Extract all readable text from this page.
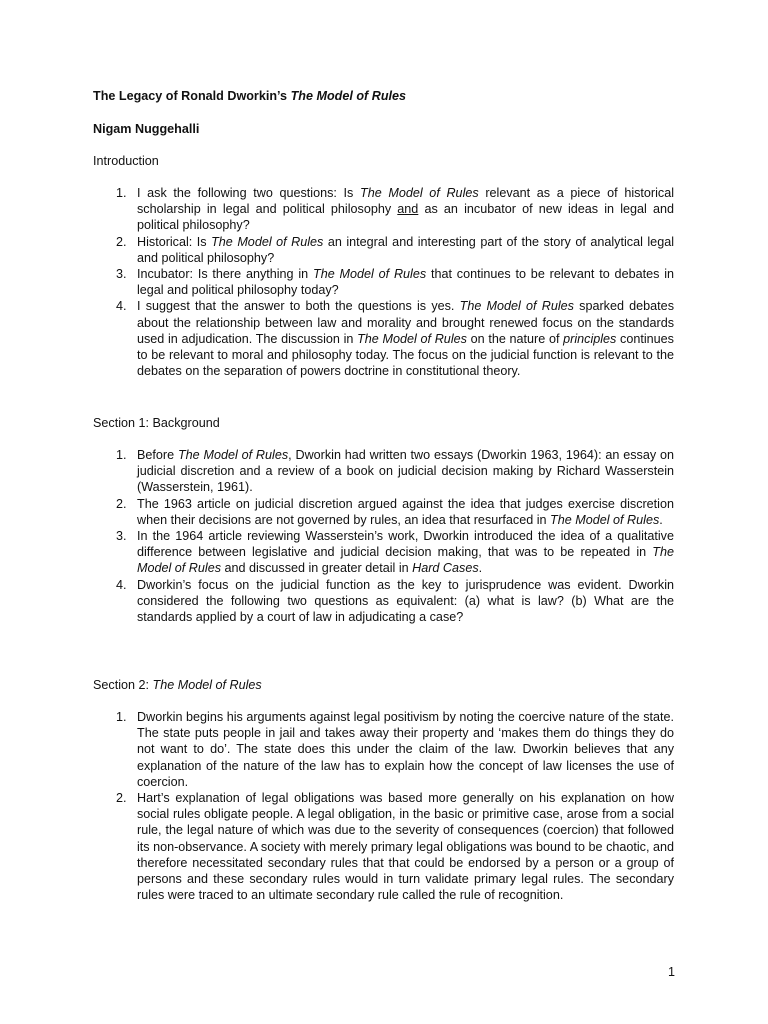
The Legacy of Ronald Dworkin’s The Model of Rules
Nigam Nuggehalli
Introduction
1. I ask the following two questions: Is The Model of Rules relevant as a piece of historical scholarship in legal and political philosophy and as an incubator of new ideas in legal and political philosophy?
2. Historical: Is The Model of Rules an integral and interesting part of the story of analytical legal and political philosophy?
3. Incubator: Is there anything in The Model of Rules that continues to be relevant to debates in legal and political philosophy today?
4. I suggest that the answer to both the questions is yes. The Model of Rules sparked debates about the relationship between law and morality and brought renewed focus on the standards used in adjudication. The discussion in The Model of Rules on the nature of principles continues to be relevant to moral and philosophy today. The focus on the judicial function is relevant to the debates on the separation of powers doctrine in constitutional theory.
Section 1: Background
1. Before The Model of Rules, Dworkin had written two essays (Dworkin 1963, 1964): an essay on judicial discretion and a review of a book on judicial decision making by Richard Wasserstein (Wasserstein, 1961).
2. The 1963 article on judicial discretion argued against the idea that judges exercise discretion when their decisions are not governed by rules, an idea that resurfaced in The Model of Rules.
3. In the 1964 article reviewing Wasserstein’s work, Dworkin introduced the idea of a qualitative difference between legislative and judicial decision making, that was to be repeated in The Model of Rules and discussed in greater detail in Hard Cases.
4. Dworkin’s focus on the judicial function as the key to jurisprudence was evident. Dworkin considered the following two questions as equivalent: (a) what is law? (b) What are the standards applied by a court of law in adjudicating a case?
Section 2: The Model of Rules
1. Dworkin begins his arguments against legal positivism by noting the coercive nature of the state. The state puts people in jail and takes away their property and ‘makes them do things they do not want to do’. The state does this under the claim of the law. Dworkin believes that any explanation of the nature of the law has to explain how the concept of law licenses the use of coercion.
2. Hart’s explanation of legal obligations was based more generally on his explanation on how social rules obligate people. A legal obligation, in the basic or primitive case, arose from a social rule, the legal nature of which was due to the severity of consequences (coercion) that followed its non-observance. A society with merely primary legal obligations was bound to be chaotic, and therefore necessitated secondary rules that that could be endorsed by a person or a group of persons and these secondary rules would in turn validate primary legal rules. The secondary rules were traced to an ultimate secondary rule called the rule of recognition.
1
